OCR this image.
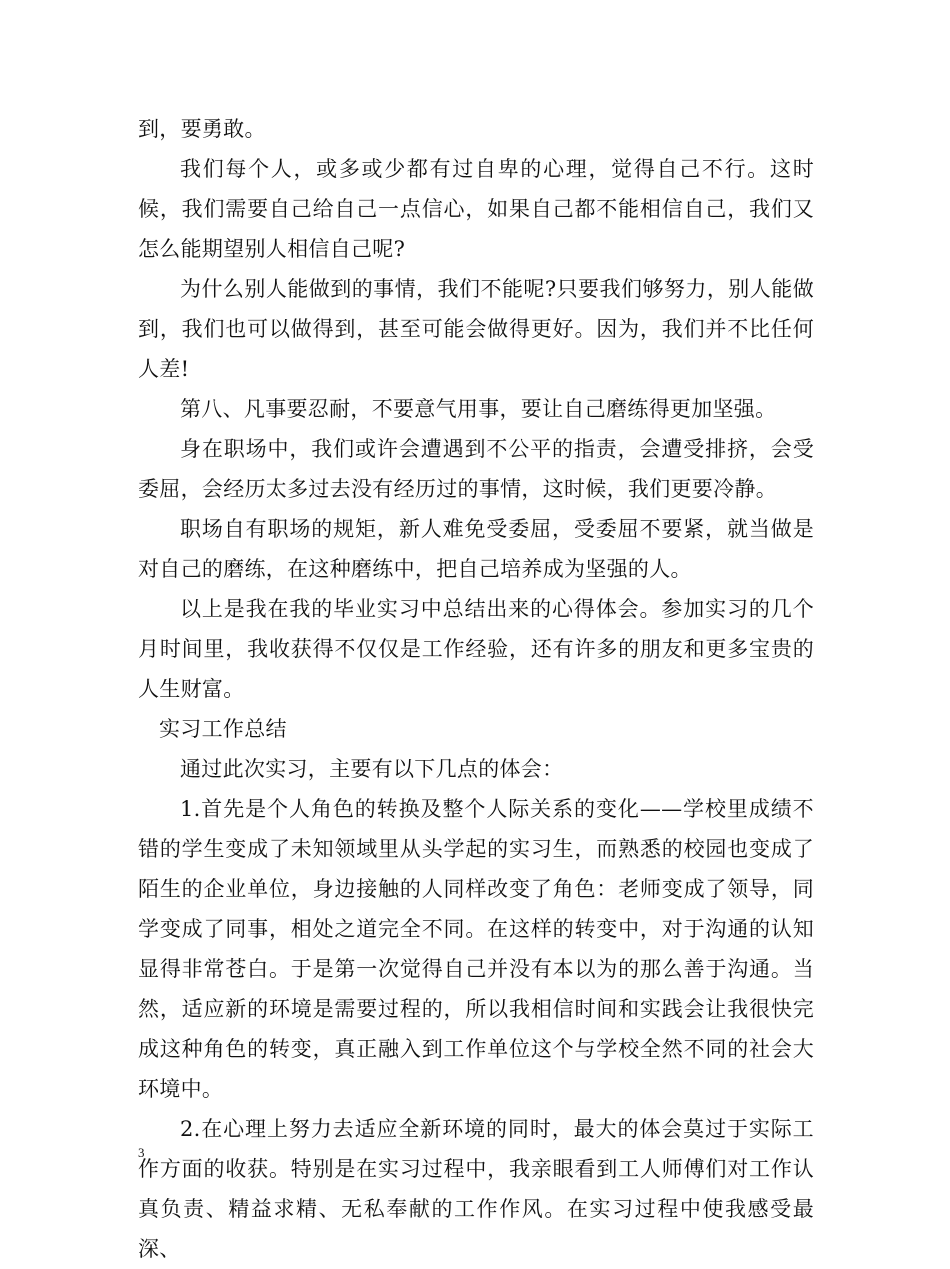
到，要勇敢。

我们每个人，或多或少都有过自卑的心理，觉得自己不行。这时候，我们需要自己给自己一点信心，如果自己都不能相信自己，我们又怎么能期望别人相信自己呢?

为什么别人能做到的事情，我们不能呢?只要我们够努力，别人能做到，我们也可以做得到，甚至可能会做得更好。因为，我们并不比任何人差!

第八、凡事要忍耐，不要意气用事，要让自己磨练得更加坚强。

身在职场中，我们或许会遭遇到不公平的指责，会遭受排挤，会受委屈，会经历太多过去没有经历过的事情，这时候，我们更要冷静。

职场自有职场的规矩，新人难免受委屈，受委屈不要紧，就当做是对自己的磨练，在这种磨练中，把自己培养成为坚强的人。

以上是我在我的毕业实习中总结出来的心得体会。参加实习的几个月时间里，我收获得不仅仅是工作经验，还有许多的朋友和更多宝贵的人生财富。

实习工作总结

通过此次实习，主要有以下几点的体会：

1.首先是个人角色的转换及整个人际关系的变化——学校里成绩不错的学生变成了未知领域里从头学起的实习生，而熟悉的校园也变成了陌生的企业单位，身边接触的人同样改变了角色：老师变成了领导，同学变成了同事，相处之道完全不同。在这样的转变中，对于沟通的认知显得非常苍白。于是第一次觉得自己并没有本以为的那么善于沟通。当然，适应新的环境是需要过程的，所以我相信时间和实践会让我很快完成这种角色的转变，真正融入到工作单位这个与学校全然不同的社会大环境中。

2.在心理上努力去适应全新环境的同时，最大的体会莫过于实际工作方面的收获。特别是在实习过程中，我亲眼看到工人师傅们对工作认真负责、精益求精、无私奉献的工作作风。在实习过程中使我感受最深、

3
